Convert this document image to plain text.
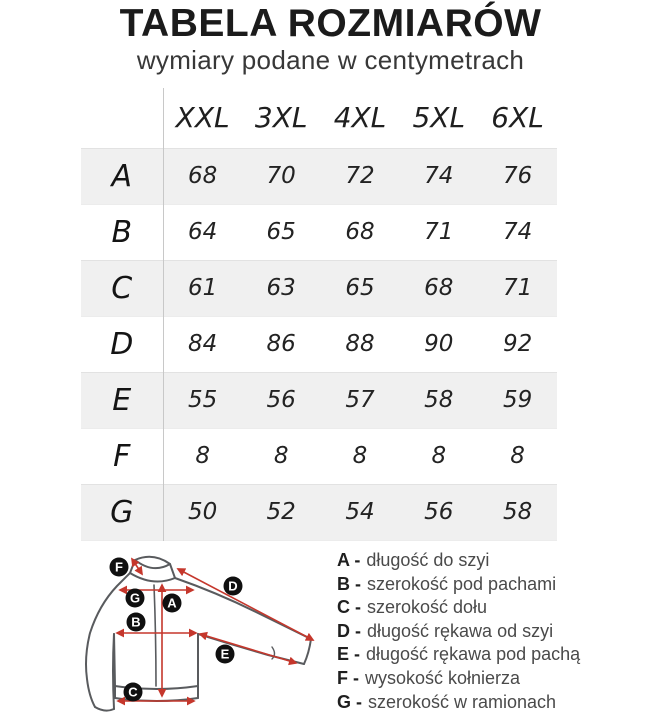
TABELA ROZMIARÓW
wymiary podane w centymetrach
	XXL	3XL	4XL	5XL	6XL
A	68	70	72	74	76
B	64	65	68	71	74
C	61	63	65	68	71
D	84	86	88	90	92
E	55	56	57	58	59
F	8	8	8	8	8
G	50	52	54	56	58
F
G A
B
D
E
C
A - długość do szyi
B - szerokość pod pachami
C - szerokość dołu
D - długość rękawa od szyi
E - długość rękawa pod pachą
F - wysokość kołnierza
G - szerokość w ramionach
